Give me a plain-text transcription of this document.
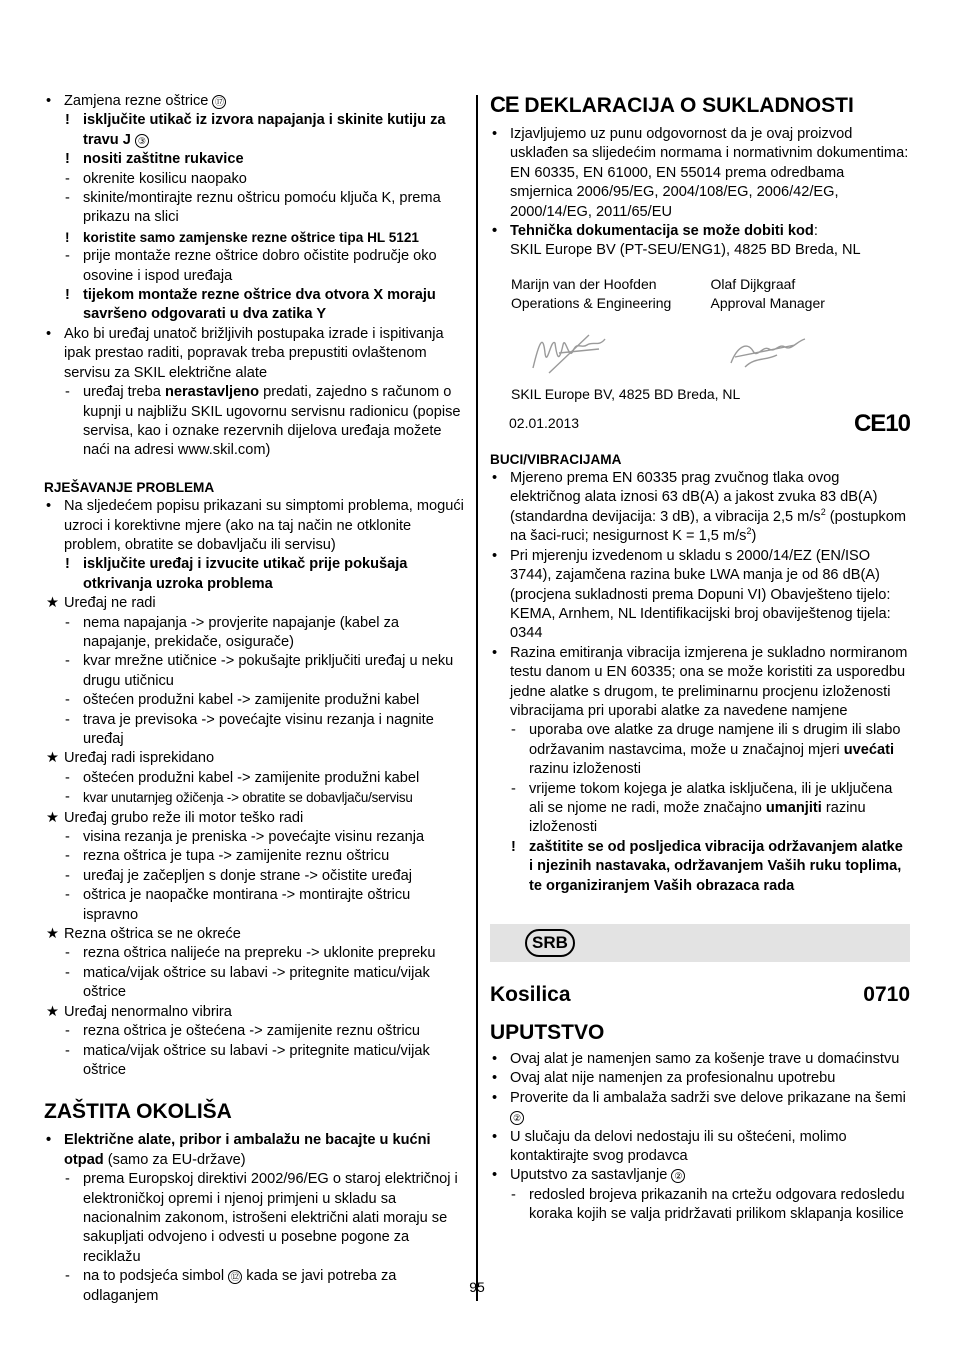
• Zamjena rezne oštrice ⑰
! isključite utikač iz izvora napajanja i skinite kutiju za travu J ③
! nositi zaštitne rukavice
- okrenite kosilicu naopako
- skinite/montirajte reznu oštricu pomoću ključa K, prema prikazu na slici
! koristite samo zamjenske rezne oštrice tipa HL 5121
- prije montaže rezne oštrice dobro očistite područje oko osovine i ispod uređaja
! tijekom montaže rezne oštrice dva otvora X moraju savršeno odgovarati u dva zatika Y
• Ako bi uređaj unatoč brižljivih postupaka izrade i ispitivanja ipak prestao raditi, popravak treba prepustiti ovlaštenom servisu za SKIL električne alate
- uređaj treba nerastavljeno predati, zajedno s računom o kupnji u najbližu SKIL ugovornu servisnu radionicu (popise servisa, kao i oznake rezervnih dijelova uređaja možete naći na adresi www.skil.com)
RJEŠAVANJE PROBLEMA
• Na sljedećem popisu prikazani su simptomi problema, mogući uzroci i korektivne mjere (ako na taj način ne otklonite problem, obratite se dobavljaču ili servisu)
! isključite uređaj i izvucite utikač prije pokušaja otkrivanja uzroka problema
★ Uređaj ne radi
- nema napajanja -> provjerite napajanje (kabel za napajanje, prekidače, osigurače)
- kvar mrežne utičnice -> pokušajte priključiti uređaj u neku drugu utičnicu
- oštećen produžni kabel -> zamijenite produžni kabel
- trava je previsoka -> povećajte visinu rezanja i nagnite uređaj
★ Uređaj radi isprekidano
- oštećen produžni kabel -> zamijenite produžni kabel
- kvar unutarnjeg ožičenja -> obratite se dobavljaču/servisu
★ Uređaj grubo reže ili motor teško radi
- visina rezanja je preniska -> povećajte visinu rezanja
- rezna oštrica je tupa -> zamijenite reznu oštricu
- uređaj je začepljen s donje strane -> očistite uređaj
- oštrica je naopačke montirana -> montirajte oštricu ispravno
★ Rezna oštrica se ne okreće
- rezna oštrica nalijeće na prepreku -> uklonite prepreku
- matica/vijak oštrice su labavi -> pritegnite maticu/vijak oštrice
★ Uređaj nenormalno vibrira
- rezna oštrica je oštećena -> zamijenite reznu oštricu
- matica/vijak oštrice su labavi -> pritegnite maticu/vijak oštrice
ZAŠTITA OKOLIŠA
• Električne alate, pribor i ambalažu ne bacajte u kućni otpad (samo za EU-države)
- prema Europskoj direktivi 2002/96/EG o staroj električnoj i elektroničkoj opremi i njenoj primjeni u skladu sa nacionalnim zakonom, istrošeni električni alati moraju se sakupljati odvojeno i odvesti u posebne pogone za reciklažu
- na to podsjeća simbol ⑫ kada se javi potreba za odlaganjem
CE DEKLARACIJA O SUKLADNOSTI
• Izjavljujemo uz punu odgovornost da je ovaj proizvod usklađen sa slijedećim normama i normativnim dokumentima: EN 60335, EN 61000, EN 55014 prema odredbama smjernica 2006/95/EG, 2004/108/EG, 2006/42/EG, 2000/14/EG, 2011/65/EU
• Tehnička dokumentacija se može dobiti kod:
SKIL Europe BV (PT-SEU/ENG1), 4825 BD Breda, NL
Marijn van der Hoofden
Operations & Engineering
Olaf Dijkgraaf
Approval Manager
SKIL Europe BV, 4825 BD Breda, NL
02.01.2013	CE10
BUCI/VIBRACIJAMA
• Mjereno prema EN 60335 prag zvučnog tlaka ovog električnog alata iznosi 63 dB(A) a jakost zvuka 83 dB(A) (standardna devijacija: 3 dB), a vibracija 2,5 $m/s^2$ (postupkom na šaci-ruci; nesigurnost K = 1,5 $m/s^2$)
• Pri mjerenju izvedenom u skladu s 2000/14/EZ (EN/ISO 3744), zajamčena razina buke LWA manja je od 86 dB(A) (procjena sukladnosti prema Dopuni VI) Obavješteno tijelo: KEMA, Arnhem, NL Identifikacijski broj obaviještenog tijela: 0344
• Razina emitiranja vibracija izmjerena je sukladno normiranom testu danom u EN 60335; ona se može koristiti za usporedbu jedne alatke s drugom, te preliminarnu procjenu izloženosti vibracijama pri uporabi alatke za navedene namjene
- uporaba ove alatke za druge namjene ili s drugim ili slabo održavanim nastavcima, može u značajnoj mjeri uvećati razinu izloženosti
- vrijeme tokom kojega je alatka isključena, ili je uključena ali se njome ne radi, može značajno umanjiti razinu izloženosti
! zaštitite se od posljedica vibracija održavanjem alatke i njezinih nastavaka, održavanjem Vaših ruku toplima, te organiziranjem Vaših obrazaca rada
SRB
Kosilica	0710
UPUTSTVO
• Ovaj alat je namenjen samo za košenje trave u domaćinstvu
• Ovaj alat nije namenjen za profesionalnu upotrebu
• Proverite da li ambalaža sadrži sve delove prikazane na šemi ②
• U slučaju da delovi nedostaju ili su oštećeni, molimo kontaktirajte svog prodavca
• Uputstvo za sastavljanje ②
- redosled brojeva prikazanih na crtežu odgovara redosledu koraka kojih se valja pridržavati prilikom sklapanja kosilice
95
